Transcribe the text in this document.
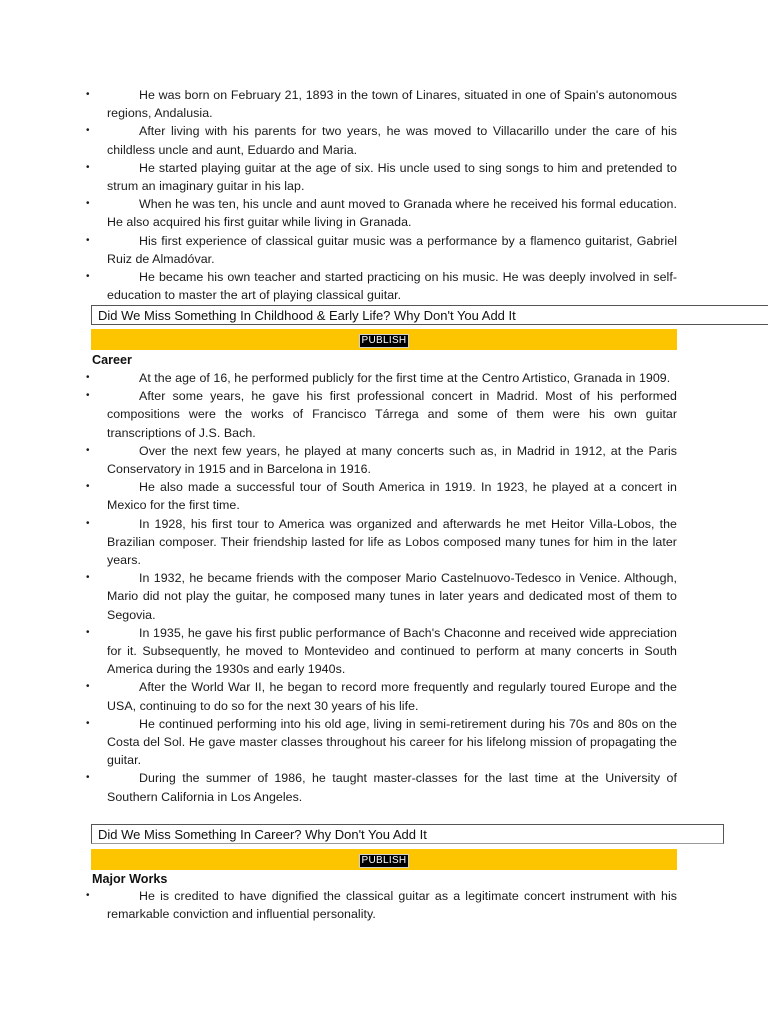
•	He was born on February 21, 1893 in the town of Linares, situated in one of Spain's autonomous regions, Andalusia.
•	After living with his parents for two years, he was moved to Villacarillo under the care of his childless uncle and aunt, Eduardo and Maria.
•	He started playing guitar at the age of six. His uncle used to sing songs to him and pretended to strum an imaginary guitar in his lap.
•	When he was ten, his uncle and aunt moved to Granada where he received his formal education. He also acquired his first guitar while living in Granada.
•	His first experience of classical guitar music was a performance by a flamenco guitarist, Gabriel Ruiz de Almadóvar.
•	He became his own teacher and started practicing on his music. He was deeply involved in self-education to master the art of playing classical guitar.
Did We Miss Something In Childhood & Early Life? Why Don't You Add It
PUBLISH
Career
•	At the age of 16, he performed publicly for the first time at the Centro Artistico, Granada in 1909.
•	After some years, he gave his first professional concert in Madrid. Most of his performed compositions were the works of Francisco Tárrega and some of them were his own guitar transcriptions of J.S. Bach.
•	Over the next few years, he played at many concerts such as, in Madrid in 1912, at the Paris Conservatory in 1915 and in Barcelona in 1916.
•	He also made a successful tour of South America in 1919. In 1923, he played at a concert in Mexico for the first time.
•	In 1928, his first tour to America was organized and afterwards he met Heitor Villa-Lobos, the Brazilian composer. Their friendship lasted for life as Lobos composed many tunes for him in the later years.
•	In 1932, he became friends with the composer Mario Castelnuovo-Tedesco in Venice. Although, Mario did not play the guitar, he composed many tunes in later years and dedicated most of them to Segovia.
•	In 1935, he gave his first public performance of Bach's Chaconne and received wide appreciation for it. Subsequently, he moved to Montevideo and continued to perform at many concerts in South America during the 1930s and early 1940s.
•	After the World War II, he began to record more frequently and regularly toured Europe and the USA, continuing to do so for the next 30 years of his life.
•	He continued performing into his old age, living in semi-retirement during his 70s and 80s on the Costa del Sol. He gave master classes throughout his career for his lifelong mission of propagating the guitar.
•	During the summer of 1986, he taught master-classes for the last time at the University of Southern California in Los Angeles.
Did We Miss Something In Career? Why Don't You Add It
PUBLISH
Major Works
•	He is credited to have dignified the classical guitar as a legitimate concert instrument with his remarkable conviction and influential personality.
